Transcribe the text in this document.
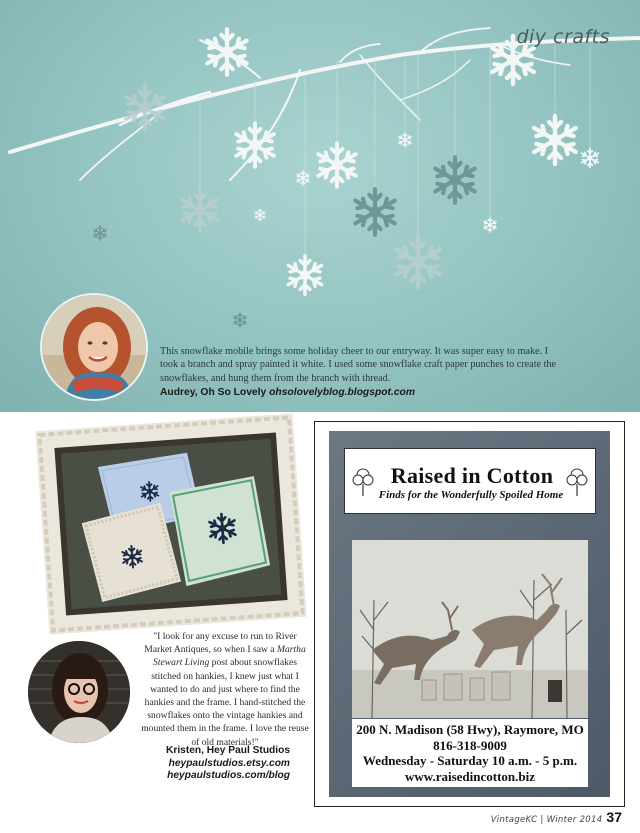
diy crafts
This snowflake mobile brings some holiday cheer to our entryway. It was super easy to make. I took a branch and spray painted it white. I used some snowflake craft paper punches to create the snowflakes, and hung them from the branch with thread.
Audrey, Oh So Lovely ohsolovelyblog.blogspot.com
"I look for any excuse to run to River Market Antiques, so when I saw a Martha Stewart Living post about snowflakes stitched on hankies, I knew just what I wanted to do and just where to find the hankies and the frame. I hand-stitched the snowflakes onto the vintage hankies and mounted them in the frame. I love the reuse of old materials!"
Kristen, Hey Paul Studios
heypaulstudios.etsy.com
heypaulstudios.com/blog
Raised in Cotton
Finds for the Wonderfully Spoiled Home
200 N. Madison (58 Hwy), Raymore, MO
816-318-9009
Wednesday - Saturday 10 a.m. - 5 p.m.
www.raisedincotton.biz
VintageKC | Winter 2014 37
